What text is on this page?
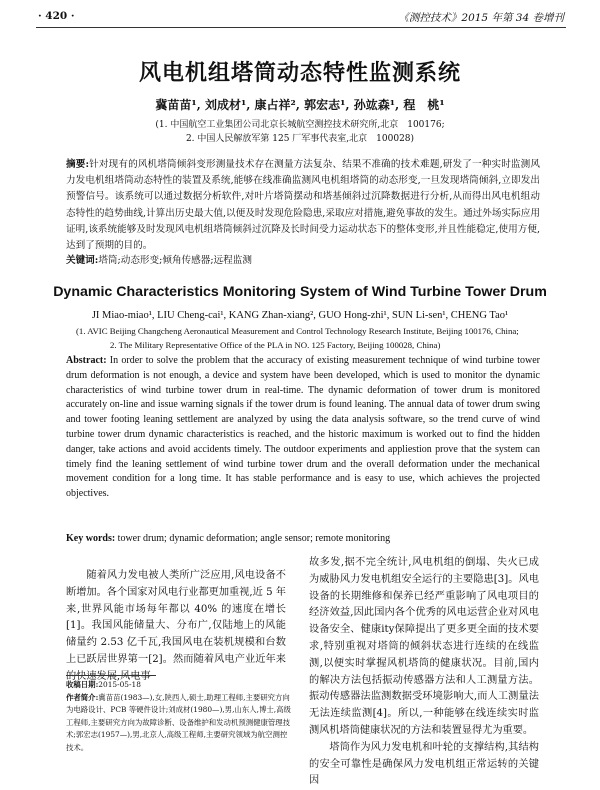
· 420 ·	《测控技术》2015 年第 34 卷增刊
风电机组塔筒动态特性监测系统
冀苗苗¹, 刘成材¹, 康占祥², 郭宏志¹, 孙竑森¹, 程　桃¹
(1. 中国航空工业集团公司北京长城航空测控技术研究所,北京　100176;
2. 中国人民解放军第 125 厂军事代表室,北京　100028)
摘要:针对现有的风机塔筒倾斜变形测量技术存在测量方法复杂、结果不准确的技术难题,研发了一种实时监测风力发电机组塔筒动态特性的装置及系统,能够在线准确监测风电机组塔筒的动态形变,一旦发现塔筒倾斜,立即发出预警信号。该系统可以通过数据分析软件,对叶片塔筒摆动和塔基倾斜过沉降数据进行分析,从而得出风电机组动态特性的趋势曲线,计算出历史最大值,以便及时发现危险隐患,采取应对措施,避免事故的发生。通过外场实际应用证明,该系统能够及时发现风电机组塔筒倾斜过沉降及长时间受力运动状态下的整体变形,并且性能稳定,使用方便,达到了预期的目的。
关键词:塔筒;动态形变;倾角传感器;远程监测
Dynamic Characteristics Monitoring System of Wind Turbine Tower Drum
JI Miao-miao¹, LIU Cheng-cai¹, KANG Zhan-xiang², GUO Hong-zhi¹, SUN Li-sen¹, CHENG Tao¹
(1. AVIC Beijing Changcheng Aeronautical Measurement and Control Technology Research Institute, Beijing 100176, China;
2. The Military Representative Office of the PLA in NO. 125 Factory, Beijing 100028, China)
Abstract: In order to solve the problem that the accuracy of existing measurement technique of wind turbine tower drum deformation is not enough, a device and system have been developed, which is used to monitor the dynamic characteristics of wind turbine tower drum in real-time. The dynamic deformation of tower drum is monitored accurately on-line and issue warning signals if the tower drum is found leaning. The annual data of tower drum swing and tower footing leaning settlement are analyzed by using the data analysis software, so the trend curve of wind turbine tower drum dynamic characteristics is reached, and the historic maximum is worked out to find the hidden danger, take actions and avoid accidents timely. The outdoor experiments and appliestion prove that the system can timely find the leaning settlement of wind turbine tower drum and the overall deformation under the mechanical movement condition for a long time. It has stable performance and is easy to use, which achieves the projected objectives.
Key words: tower drum; dynamic deformation; angle sensor; remote monitoring
随着风力发电被人类所广泛应用,风电设备不断增加。各个国家对风电行业都更加重视,近 5 年来,世界风能市场每年都以 40% 的速度在增长[1]。我国风能储量大、分布广,仅陆地上的风能储量约 2.53 亿千瓦,我国风电在装机规模和台数上已跃居世界第一[2]。然而随着风电产业近年来的快速发展,风电事

故多发,据不完全统计,风电机组的倒塌、失火已成为威胁风力发电机组安全运行的主要隐患[3]。风电设备的长期维修和保养已经严重影响了风电项目的经济效益,因此国内各个优秀的风电运营企业对风电设备安全、健康ity保障提出了更多更全面的技术要求,特别重视对塔筒的倾斜状态进行连续的在线监测,以便实时掌握风机塔筒的健康状况。目前,国内的解决方法包括振动传感器方法和人工测量方法。振动传感器法监测数据受环境影响大,而人工测量法无法连续监测[4]。所以,一种能够在线连续实时监测风机塔筒健康状况的方法和装置显得尤为重要。

塔筒作为风力发电机和叶轮的支撑结构,其结构的安全可靠性是确保风力发电机组正常运转的关键因

收稿日期:2015-05-18
作者简介:冀苗苗(1983—),女,陕西人,硕士,助理工程师,主要研究方向为电路设计、PCB 等硬件设计;刘成材(1980—),男,山东人,博士,高级工程师,主要研究方向为故障诊断、设备维护和发动机预测健康管理技术;郭宏志(1957—),男,北京人,高级工程师,主要研究领域为航空测控技术。
